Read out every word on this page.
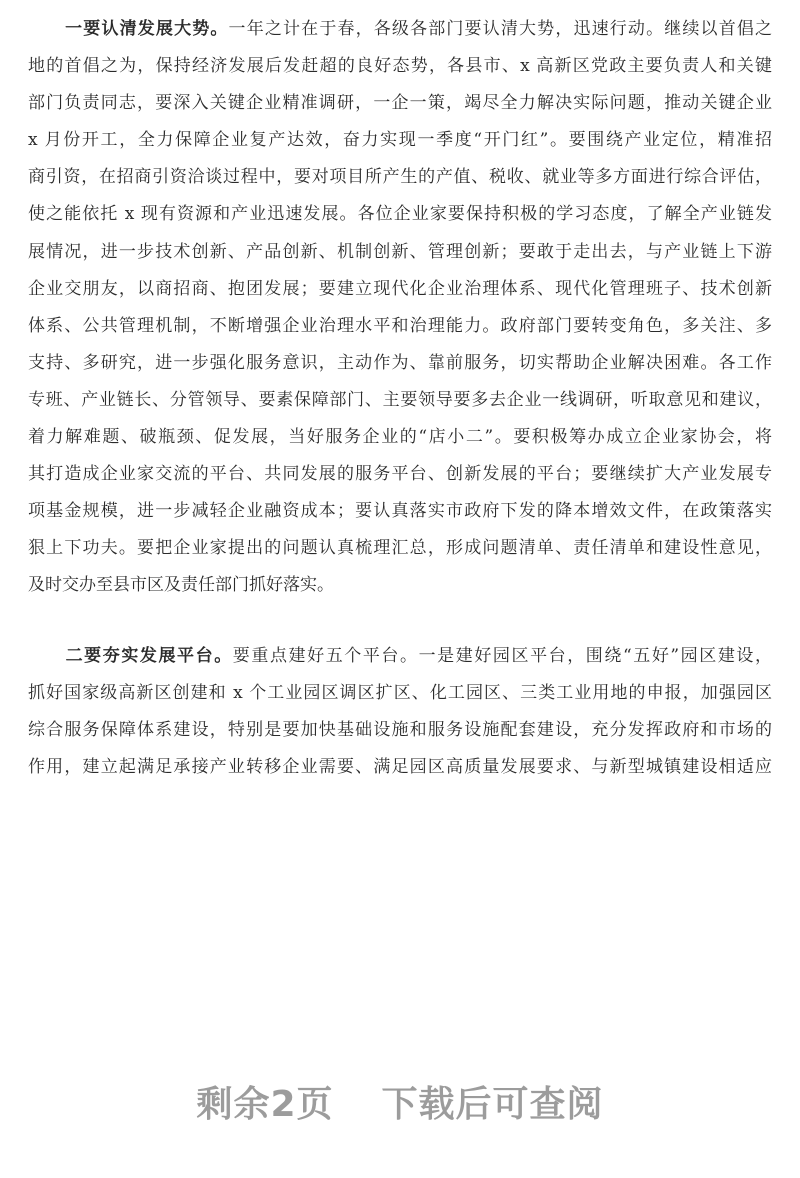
一要认清发展大势。一年之计在于春，各级各部门要认清大势，迅速行动。继续以首倡之
地的首倡之为，保持经济发展后发赶超的良好态势，各县市、x 高新区党政主要负责人和关键
部门负责同志，要深入关键企业精准调研，一企一策，竭尽全力解决实际问题，推动关键企业
x 月份开工，全力保障企业复产达效，奋力实现一季度“开门红”。要围绕产业定位，精准招
商引资，在招商引资洽谈过程中，要对项目所产生的产值、税收、就业等多方面进行综合评估，
使之能依托 x 现有资源和产业迅速发展。各位企业家要保持积极的学习态度，了解全产业链发
展情况，进一步技术创新、产品创新、机制创新、管理创新；要敢于走出去，与产业链上下游
企业交朋友，以商招商、抱团发展；要建立现代化企业治理体系、现代化管理班子、技术创新
体系、公共管理机制，不断增强企业治理水平和治理能力。政府部门要转变角色，多关注、多
支持、多研究，进一步强化服务意识，主动作为、靠前服务，切实帮助企业解决困难。各工作
专班、产业链长、分管领导、要素保障部门、主要领导要多去企业一线调研，听取意见和建议，
着力解难题、破瓶颈、促发展，当好服务企业的“店小二”。要积极筹办成立企业家协会，将
其打造成企业家交流的平台、共同发展的服务平台、创新发展的平台；要继续扩大产业发展专
项基金规模，进一步减轻企业融资成本；要认真落实市政府下发的降本增效文件，在政策落实
狠上下功夫。要把企业家提出的问题认真梳理汇总，形成问题清单、责任清单和建设性意见，
及时交办至县市区及责任部门抓好落实。
二要夯实发展平台。要重点建好五个平台。一是建好园区平台，围绕“五好”园区建设，
抓好国家级高新区创建和 x 个工业园区调区扩区、化工园区、三类工业用地的申报，加强园区
综合服务保障体系建设，特别是要加快基础设施和服务设施配套建设，充分发挥政府和市场的
作用，建立起满足承接产业转移企业需要、满足园区高质量发展要求、与新型城镇建设相适应
剩余2页 下载后可查阅
